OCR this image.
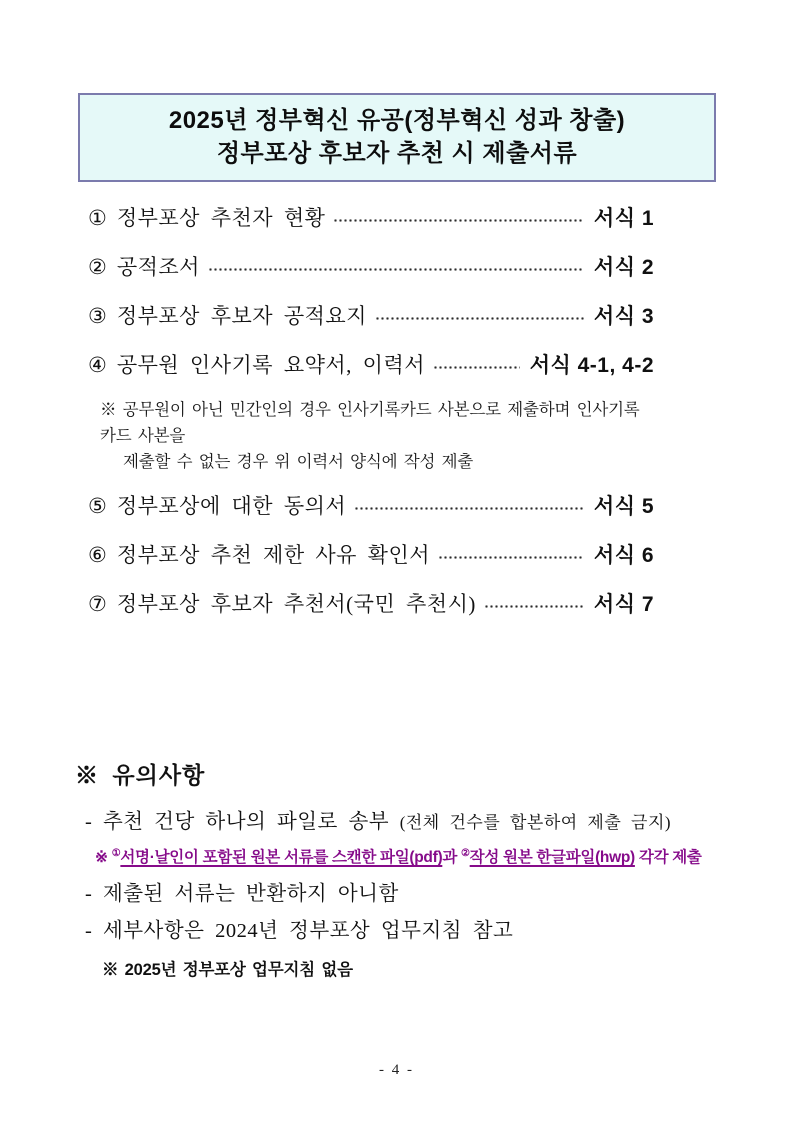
2025년 정부혁신 유공(정부혁신 성과 창출)
정부포상 후보자 추천 시 제출서류
① 정부포상 추천자 현황	서식 1
② 공적조서	서식 2
③ 정부포상 후보자 공적요지	서식 3
④ 공무원 인사기록 요약서, 이력서	서식 4-1, 4-2
※ 공무원이 아닌 민간인의 경우 인사기록카드 사본으로 제출하며 인사기록카드 사본을
제출할 수 없는 경우 위 이력서 양식에 작성 제출
⑤ 정부포상에 대한 동의서	서식 5
⑥ 정부포상 추천 제한 사유 확인서	서식 6
⑦ 정부포상 후보자 추천서(국민 추천시)	서식 7
※ 유의사항
- 추천 건당 하나의 파일로 송부 (전체 건수를 합본하여 제출 금지)
※ ①서명·날인이 포함된 원본 서류를 스캔한 파일(pdf)과 ②작성 원본 한글파일(hwp) 각각 제출
- 제출된 서류는 반환하지 아니함
- 세부사항은 2024년 정부포상 업무지침 참고
※ 2025년 정부포상 업무지침 없음
- 4 -
